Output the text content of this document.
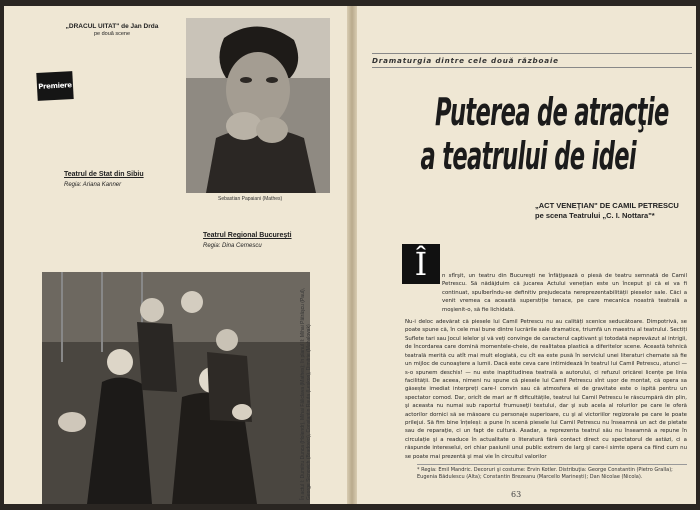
„DRACUL UITAT" de Jan Drda
pe două scene
Premiere
Sebastian Papaiani (Mathes)
Teatrul de Stat din Sibiu
Regia: Ariana Kanner
Teatrul Regional Bucureşti
Regia: Dina Cernescu
În actul I: Dumitru Dunca (Holendr), Mihai Făliclava (Mathes); în planul II: Mihai Pătrăşcu (Paul), George Sicnovich (Bradovici), Constantin Rauta (Leskon), Dimitrie (Mahalovak)
Dramaturgia dintre cele două războaie
Puterea de atracţie
a teatrului de idei
„ACT VENEŢIAN" DE CAMIL PETRESCU
pe scena Teatrului „C. I. Nottara"*
Î	n sfîrşit, un teatru din Bucureşti ne înfăţişează o piesă de teatru semnată de Camil Petrescu. Să nădăjduim că jucarea Actului venețian este un început şi că ei va fi continuat, spulberîndu-se definitiv prejudecata nereprezentabilității pieselor sale. Căci a venit vremea ca această superstiție tenace, pe care mecanica noastră teatrală a moşienit-o, să fie lichidată.

Nu-i deloc adevărat că piesele lui Camil Petrescu nu au calități scenice seducătoare. Dimpotrivă, se poate spune că, în cele mai bune dintre lucrările sale dramatice, triumfă un maestru al teatrului. Sectiți Suflete tari sau Jocul ielelor şi vă veți convinge de caracterul captivant şi totodată neprevăzut al intrigii, de încordarea care domină momentele-cheie, de realitatea plastică a diferitelor scene. Această tehnică teatrală merită cu atît mai mult elogiată, cu cît ea este pusă în serviciul unei literaturi chemate să fie un mijloc de cunoaştere a lumii. Dacă este ceva care intimidează în teatrul lui Camil Petrescu, atunci — s-o spunem deschis! — nu este inaptitudinea teatrală a autorului, ci refuzul oricărei licențe pe linia facilității. De aceea, nimeni nu spune că piesele lui Camil Petrescu sînt ușor de montat, că opera sa găsește imediat interpreți care-l convin sau că atmosfera ei de gravitate este o ispită pentru un spectator comod. Dar, oricît de mari ar fi dificultățile, teatrul lui Camil Petrescu le răscumpără din plin, şi aceasta nu numai sub raportul frumuseţii textului, dar şi sub acela al rolurilor pe care le oferă actorilor dornici să se măsoare cu personaje superioare, cu şi al victoriilor regizorale pe care le poate prilejui. Să fim bine înțeleși: a pune în scenă piesele lui Camil Petrescu nu înseamnă un act de pietate sau de reparaţie, ci un fapt de cultură. Asadar, a reprezenta teatrul său nu înseamnă a repune în circulație şi a readuce în actualitate o literatură fără contact direct cu spectatorul de astăzi, ci a răspunde intereselui, ori chiar pasiunii unui public extrem de larg şi care-i simte opera ca fiind cum nu se poate mai prezentă şi mai vie în circuitul valorilor

* Regia: Emil Mandric. Decoruri şi costume: Ervin Kotler. Distribuţia: George Constantin (Pietro Gralla); Eugenia Bădulescu (Alta); Constantin Brezeanu (Marcello Marinești); Dan Nicolae (Nicola).
63
